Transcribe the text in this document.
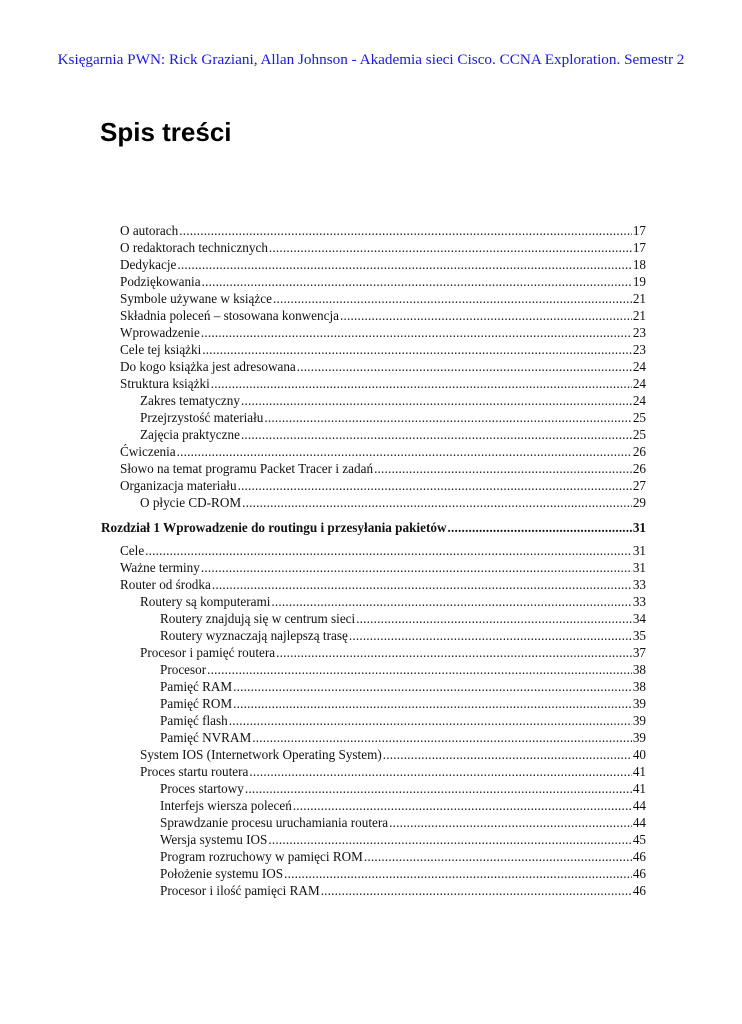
Księgarnia PWN: Rick Graziani, Allan Johnson - Akademia sieci Cisco. CCNA Exploration. Semestr 2
Spis treści
O autorach .....	17
O redaktorach technicznych .....	17
Dedykacje .....	18
Podziękowania .....	19
Symbole używane w książce .....	21
Składnia poleceń – stosowana konwencja .....	21
Wprowadzenie .....	23
Cele tej książki .....	23
Do kogo książka jest adresowana .....	24
Struktura książki .....	24
Zakres tematyczny .....	24
Przejrzystość materiału .....	25
Zajęcia praktyczne .....	25
Ćwiczenia .....	26
Słowo na temat programu Packet Tracer i zadań .....	26
Organizacja materiału .....	27
O płycie CD-ROM .....	29
Rozdział 1 Wprowadzenie do routingu i przesyłania pakietów .....	31
Cele .....	31
Ważne terminy .....	31
Router od środka .....	33
Routery są komputerami .....	33
Routery znajdują się w centrum sieci .....	34
Routery wyznaczają najlepszą trasę .....	35
Procesor i pamięć routera .....	37
Procesor .....	38
Pamięć RAM .....	38
Pamięć ROM .....	39
Pamięć flash .....	39
Pamięć NVRAM .....	39
System IOS (Internetwork Operating System) .....	40
Proces startu routera .....	41
Proces startowy .....	41
Interfejs wiersza poleceń .....	44
Sprawdzanie procesu uruchamiania routera .....	44
Wersja systemu IOS .....	45
Program rozruchowy w pamięci ROM .....	46
Położenie systemu IOS .....	46
Procesor i ilość pamięci RAM .....	46
